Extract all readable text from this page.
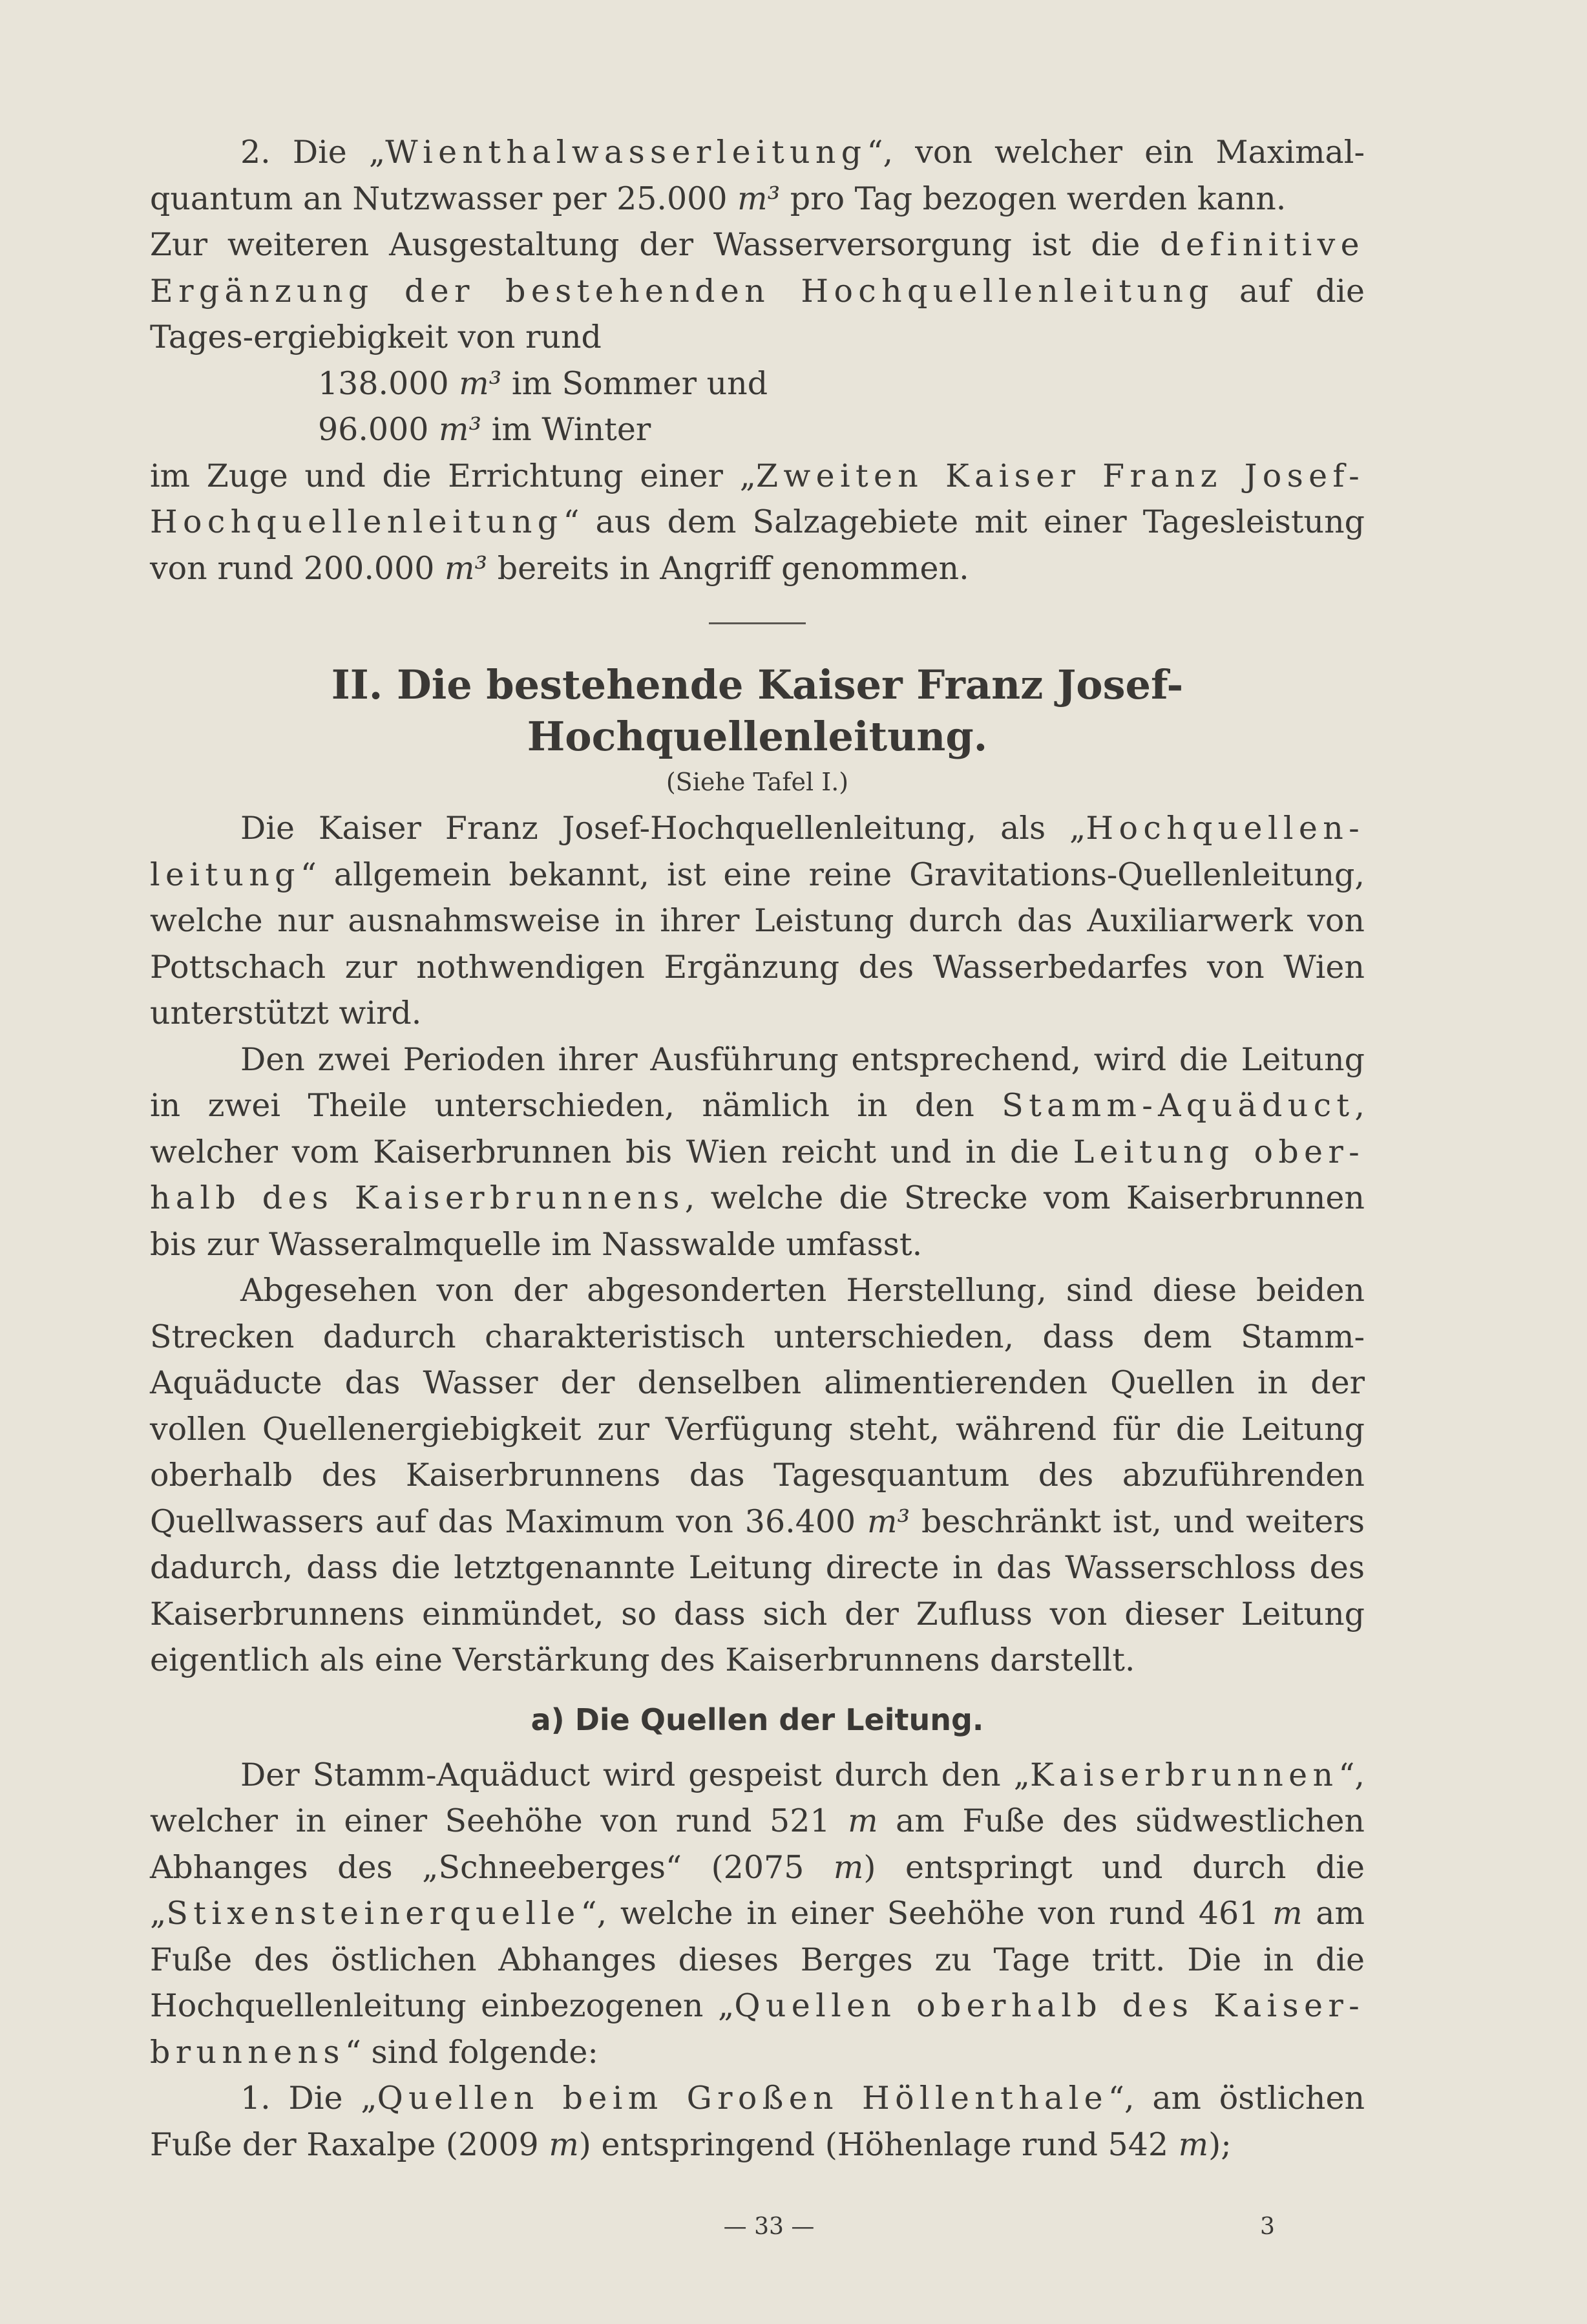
2. Die „Wienthalwasserleitung“, von welcher ein Maximal- quantum an Nutzwasser per 25.000 m³ pro Tag bezogen werden kann.

Zur weiteren Ausgestaltung der Wasserversorgung ist die definitive Ergänzung der bestehenden Hochquellenleitung auf die Tages-ergiebigkeit von rund

138.000 m³ im Sommer und

96.000 m³ im Winter

im Zuge und die Errichtung einer „Zweiten Kaiser Franz Josef-Hochquellenleitung“ aus dem Salzagebiete mit einer Tagesleistung von rund 200.000 m³ bereits in Angriff genommen.

II. Die bestehende Kaiser Franz Josef-Hochquellenleitung.

(Siehe Tafel I.)

Die Kaiser Franz Josef-Hochquellenleitung, als „Hochquellen-leitung“ allgemein bekannt, ist eine reine Gravitations-Quellenleitung, welche nur ausnahmsweise in ihrer Leistung durch das Auxiliarwerk von Pottschach zur nothwendigen Ergänzung des Wasserbedarfes von Wien unterstützt wird.

Den zwei Perioden ihrer Ausführung entsprechend, wird die Leitung in zwei Theile unterschieden, nämlich in den Stamm-Aquäduct, welcher vom Kaiserbrunnen bis Wien reicht und in die Leitung ober-halb des Kaiserbrunnens, welche die Strecke vom Kaiserbrunnen bis zur Wasseralmquelle im Nasswalde umfasst.

Abgesehen von der abgesonderten Herstellung, sind diese beiden Strecken dadurch charakteristisch unterschieden, dass dem Stamm-Aquäducte das Wasser der denselben alimentierenden Quellen in der vollen Quellenergiebigkeit zur Verfügung steht, während für die Leitung oberhalb des Kaiserbrunnens das Tagesquantum des abzuführenden Quellwassers auf das Maximum von 36.400 m³ beschränkt ist, und weiters dadurch, dass die letztgenannte Leitung directe in das Wasserschloss des Kaiserbrunnens einmündet, so dass sich der Zufluss von dieser Leitung eigentlich als eine Verstärkung des Kaiserbrunnens darstellt.

a) Die Quellen der Leitung.

Der Stamm-Aquäduct wird gespeist durch den „Kaiserbrunnen“, welcher in einer Seehöhe von rund 521 m am Fuße des südwestlichen Abhanges des „Schneeberges“ (2075 m) entspringt und durch die „Stixensteinerquelle“, welche in einer Seehöhe von rund 461 m am Fuße des östlichen Abhanges dieses Berges zu Tage tritt. Die in die Hochquellenleitung einbezogenen „Quellen oberhalb des Kaiser-brunnens“ sind folgende:

1. Die „Quellen beim Großen Höllenthale“, am östlichen Fuße der Raxalpe (2009 m) entspringend (Höhenlage rund 542 m);

— 33 —	3
